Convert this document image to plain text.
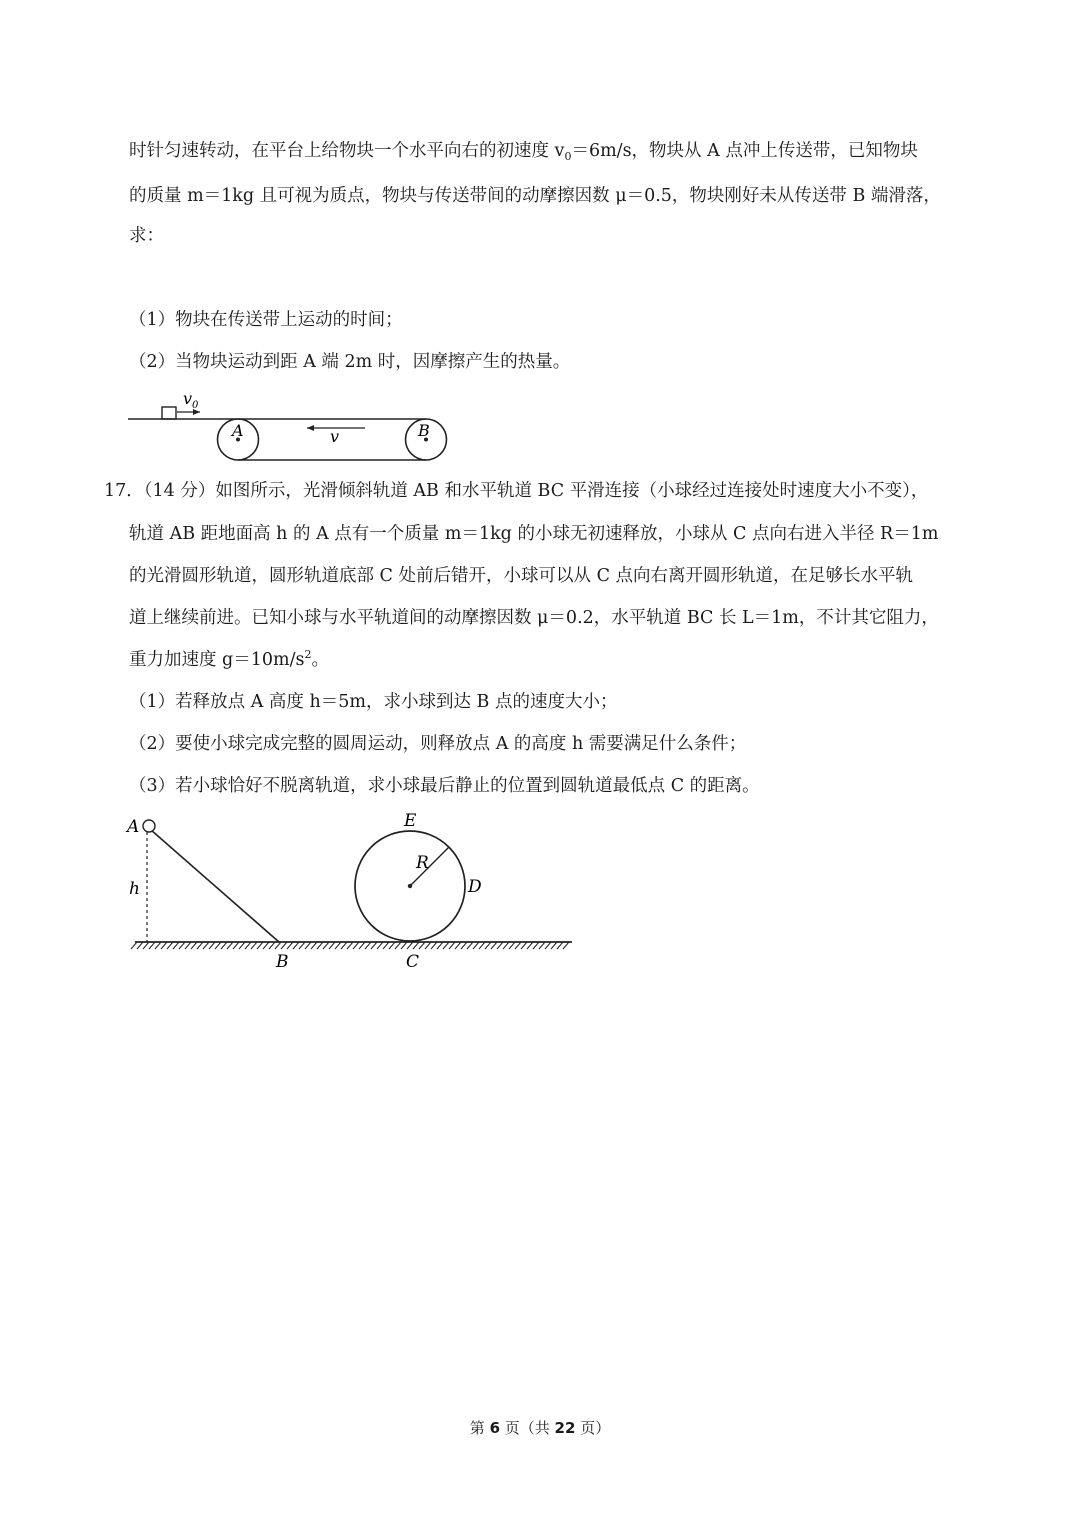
时针匀速转动，在平台上给物块一个水平向右的初速度 $v_0=6m/s$，物块从 A 点冲上传送带，已知物块
的质量 m＝1kg 且可视为质点，物块与传送带间的动摩擦因数 μ＝0.5，物块刚好未从传送带 B 端滑落，
求：
（1）物块在传送带上运动的时间；
（2）当物块运动到距 A 端 2m 时，因摩擦产生的热量。
$v_0$
A	B
v
17．（14 分）如图所示，光滑倾斜轨道 AB 和水平轨道 BC 平滑连接（小球经过连接处时速度大小不变），
轨道 AB 距地面高 h 的 A 点有一个质量 m＝1kg 的小球无初速释放，小球从 C 点向右进入半径 R＝1m
的光滑圆形轨道，圆形轨道底部 C 处前后错开，小球可以从 C 点向右离开圆形轨道，在足够长水平轨
道上继续前进。已知小球与水平轨道间的动摩擦因数 μ＝0.2，水平轨道 BC 长 L＝1m，不计其它阻力，
重力加速度 $g=10m/s^2$。
（1）若释放点 A 高度 h＝5m，求小球到达 B 点的速度大小；
（2）要使小球完成完整的圆周运动，则释放点 A 的高度 h 需要满足什么条件；
（3）若小球恰好不脱离轨道，求小球最后静止的位置到圆轨道最低点 C 的距离。
A
h
B
E
R
D
C
第 6 页（共 22 页）
